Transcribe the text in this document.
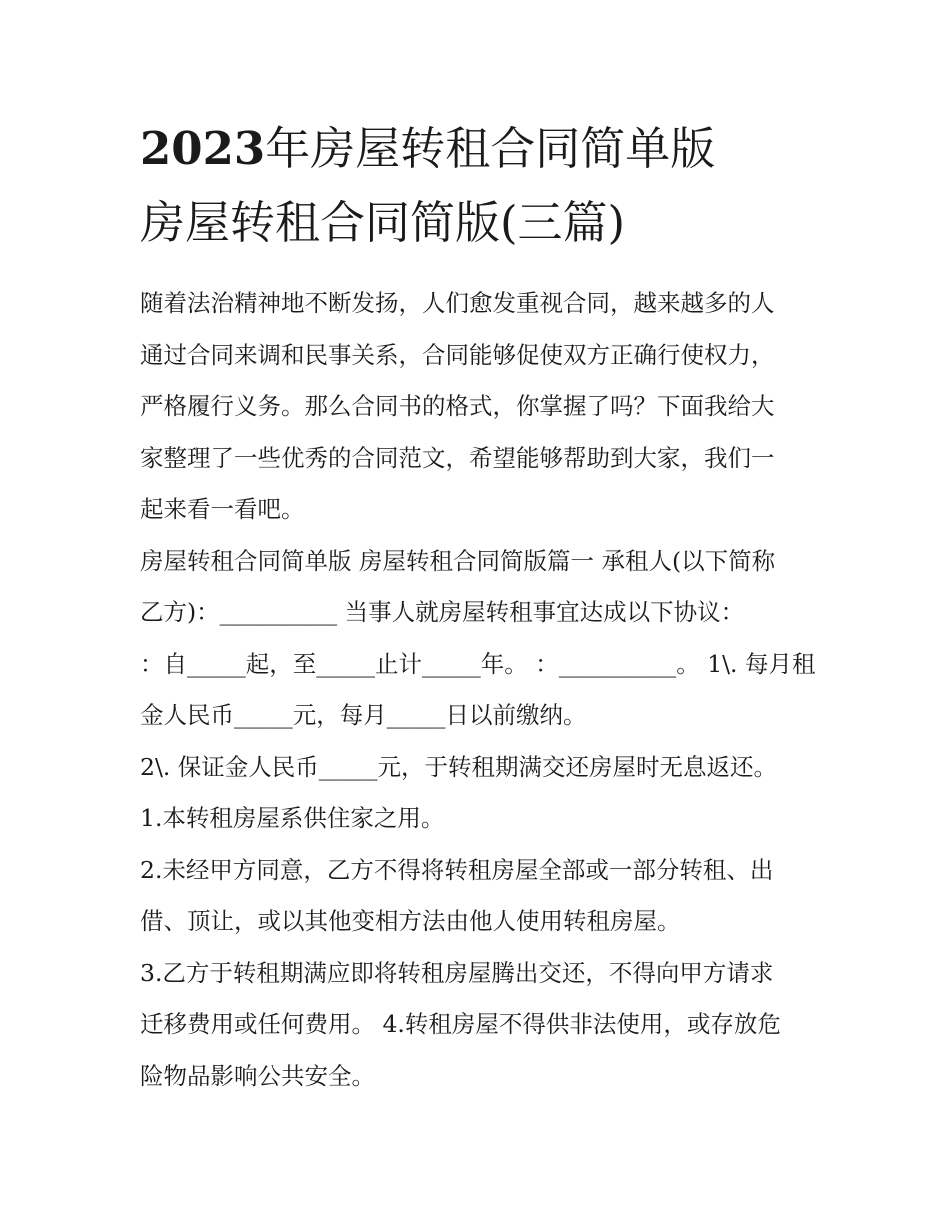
2023年房屋转租合同简单版
房屋转租合同简版(三篇)
随着法治精神地不断发扬，人们愈发重视合同，越来越多的人
通过合同来调和民事关系，合同能够促使双方正确行使权力，
严格履行义务。那么合同书的格式，你掌握了吗？下面我给大
家整理了一些优秀的合同范文，希望能够帮助到大家，我们一
起来看一看吧。
房屋转租合同简单版 房屋转租合同简版篇一 承租人(以下简称
乙方)：__________ 当事人就房屋转租事宜达成以下协议：
：自_____起，至_____止计_____年。 ：__________。 1\. 每月租
金人民币_____元，每月_____日以前缴纳。
2\. 保证金人民币_____元，于转租期满交还房屋时无息返还。
1.本转租房屋系供住家之用。
2.未经甲方同意，乙方不得将转租房屋全部或一部分转租、出
借、顶让，或以其他变相方法由他人使用转租房屋。
3.乙方于转租期满应即将转租房屋腾出交还，不得向甲方请求
迁移费用或任何费用。 4.转租房屋不得供非法使用，或存放危
险物品影响公共安全。
